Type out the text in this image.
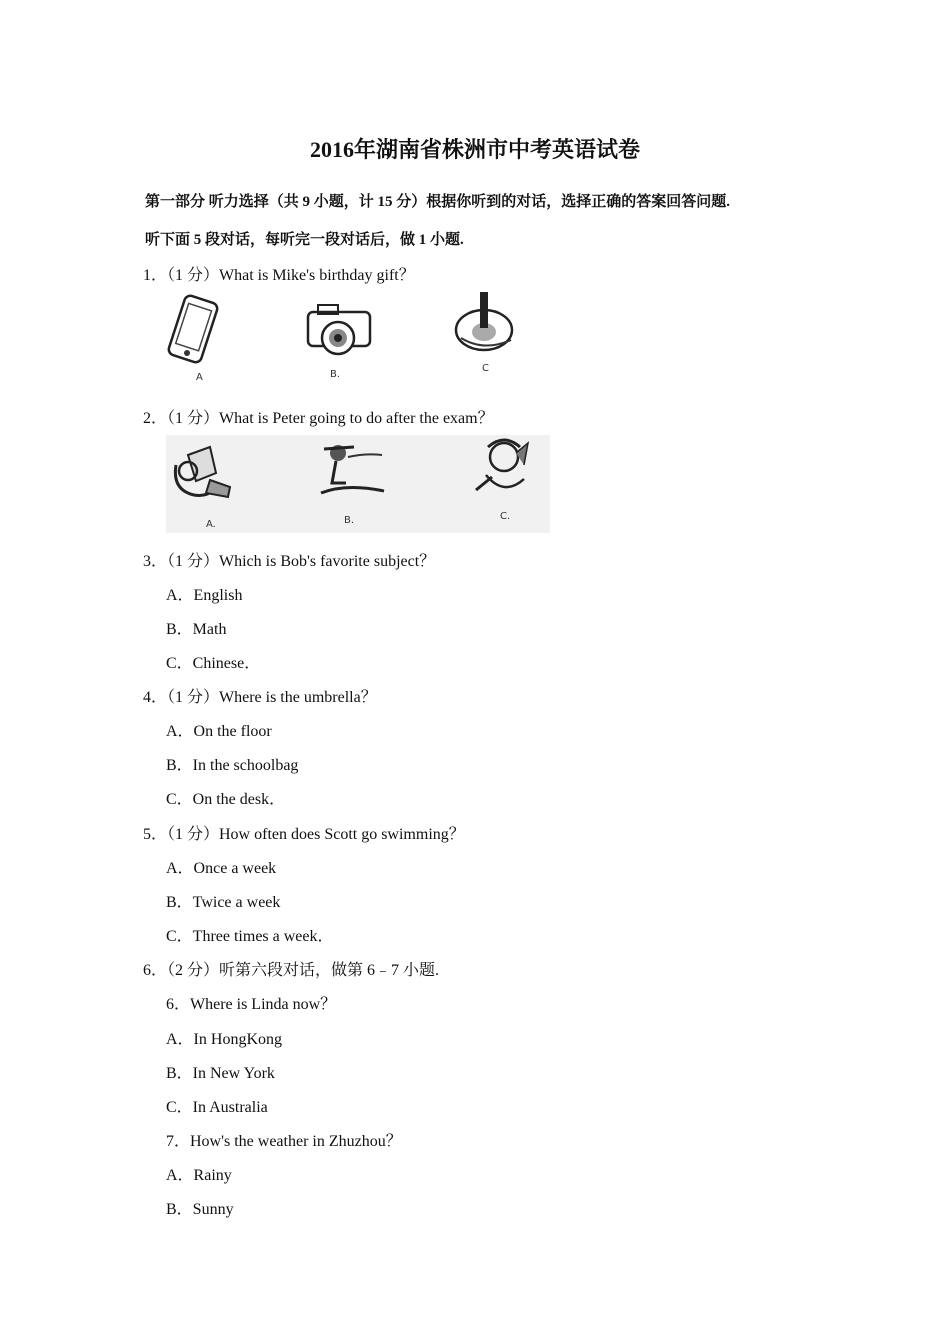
2016年湖南省株洲市中考英语试卷
第一部分 听力选择（共 9 小题，计 15 分）根据你听到的对话，选择正确的答案回答问题.
听下面 5 段对话，每听完一段对话后，做 1 小题.
1．（1 分）What is Mike's birthday gift？
A	B.
C
2．（1 分）What is Peter going to do after the exam？
A.	B.	C.
3．（1 分）Which is Bob's favorite subject？
A．English
B．Math
C．Chinese．
4．（1 分）Where is the umbrella？
A．On the floor
B．In the schoolbag
C．On the desk．
5．（1 分）How often does Scott go swimming？
A．Once a week
B．Twice a week
C．Three times a week．
6．（2 分）听第六段对话，做第 6﹣7 小题.
6．Where is Linda now？
A．In HongKong
B．In New York
C．In Australia
7．How's the weather in Zhuzhou？
A．Rainy
B．Sunny
